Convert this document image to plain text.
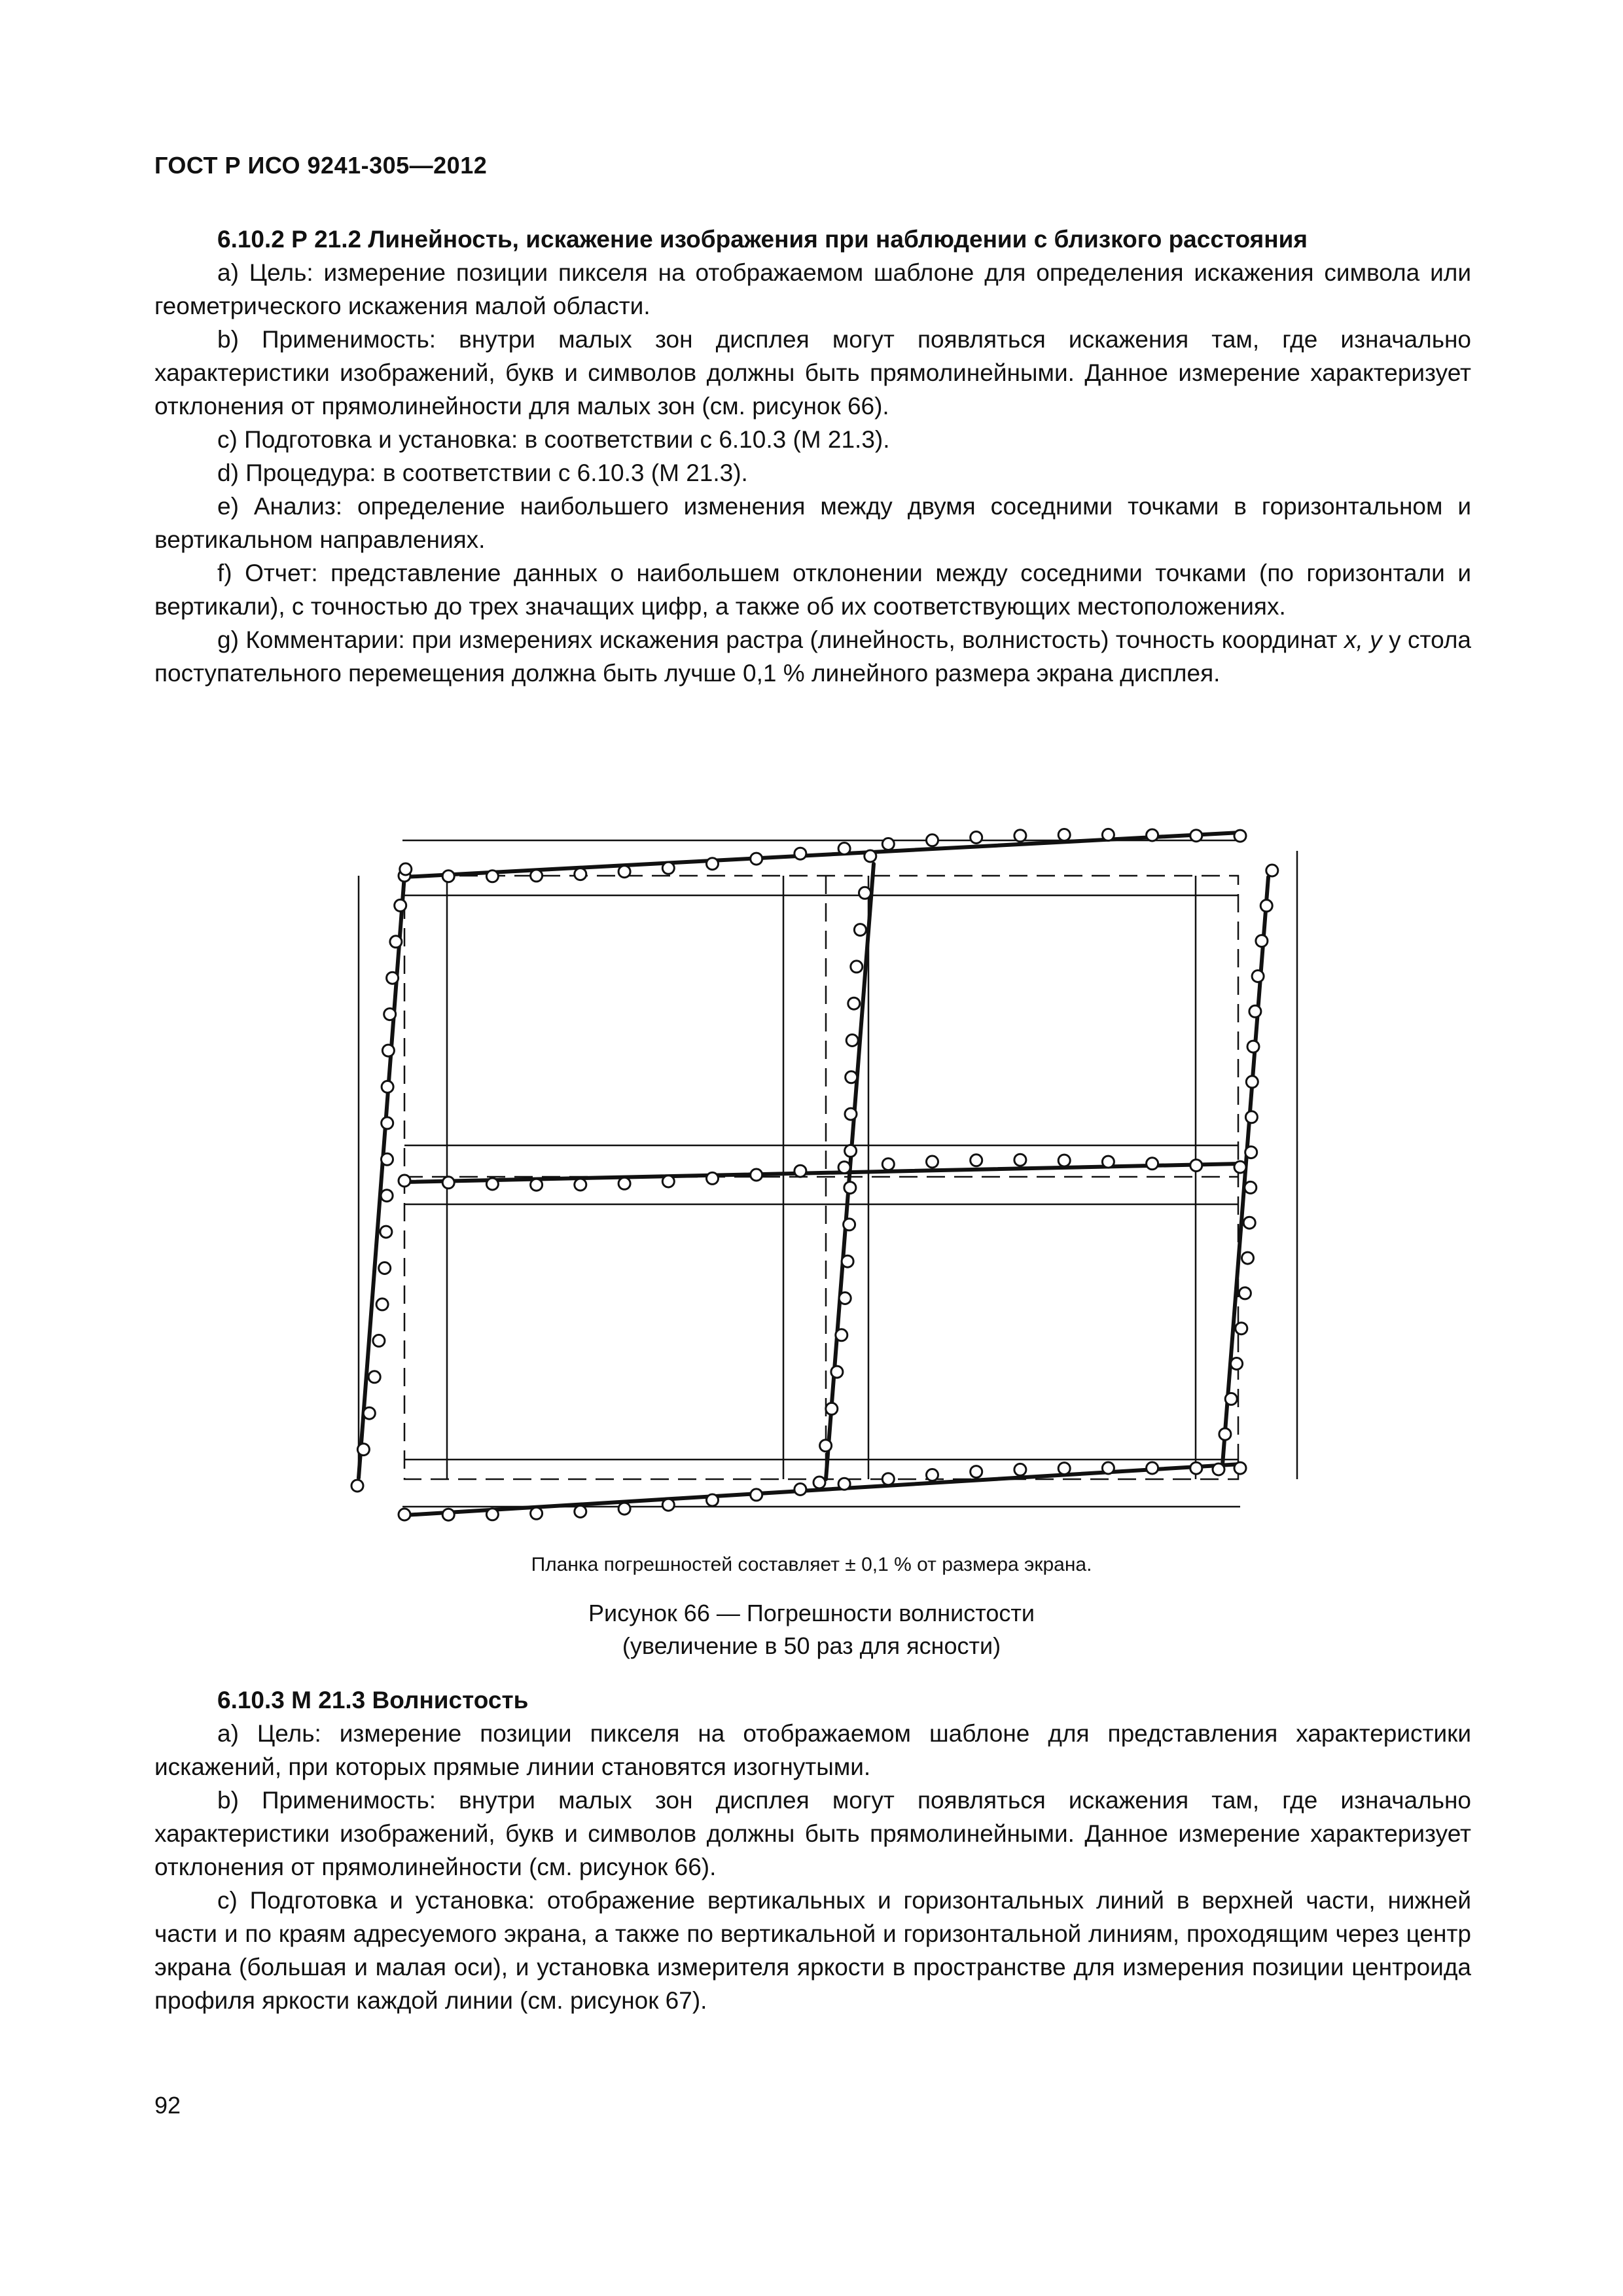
ГОСТ Р ИСО 9241-305—2012

6.10.2 Р 21.2 Линейность, искажение изображения при наблюдении с близкого расстояния

a) Цель: измерение позиции пикселя на отображаемом шаблоне для определения искажения символа или геометрического искажения малой области.

b) Применимость: внутри малых зон дисплея могут появляться искажения там, где изначально характеристики изображений, букв и символов должны быть прямолинейными. Данное измерение характеризует отклонения от прямолинейности для малых зон (см. рисунок 66).

c) Подготовка и установка: в соответствии с 6.10.3 (М 21.3).

d) Процедура: в соответствии с 6.10.3 (М 21.3).

e) Анализ: определение наибольшего изменения между двумя соседними точками в горизонтальном и вертикальном направлениях.

f) Отчет: представление данных о наибольшем отклонении между соседними точками (по горизонтали и вертикали), с точностью до трех значащих цифр, а также об их соответствующих местоположениях.

g) Комментарии: при измерениях искажения растра (линейность, волнистость) точность координат x, y у стола поступательного перемещения должна быть лучше 0,1 % линейного размера экрана дисплея.

Планка погрешностей составляет ± 0,1 % от размера экрана.
Рисунок 66 — Погрешности волнистости
(увеличение в 50 раз для ясности)

6.10.3 М 21.3 Волнистость

a) Цель: измерение позиции пикселя на отображаемом шаблоне для представления характеристики искажений, при которых прямые линии становятся изогнутыми.

b) Применимость: внутри малых зон дисплея могут появляться искажения там, где изначально характеристики изображений, букв и символов должны быть прямолинейными. Данное измерение характеризует отклонения от прямолинейности (см. рисунок 66).

c) Подготовка и установка: отображение вертикальных и горизонтальных линий в верхней части, нижней части и по краям адресуемого экрана, а также по вертикальной и горизонтальной линиям, проходящим через центр экрана (большая и малая оси), и установка измерителя яркости в пространстве для измерения позиции центроида профиля яркости каждой линии (см. рисунок 67).

92
